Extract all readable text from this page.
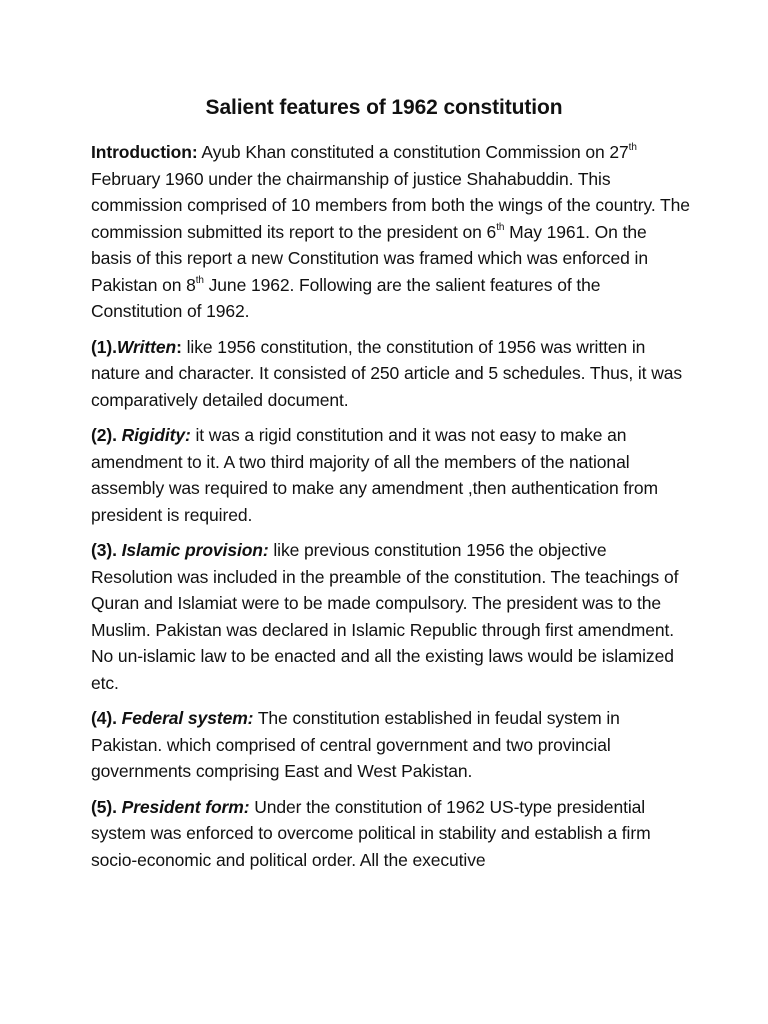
Salient features of 1962 constitution

Introduction: Ayub Khan constituted a constitution Commission on 27th February 1960 under the chairmanship of justice Shahabuddin. This commission comprised of 10 members from both the wings of the country. The commission submitted its report to the president on 6th May 1961. On the basis of this report a new Constitution was framed which was enforced in Pakistan on 8th June 1962. Following are the salient features of the Constitution of 1962.

(1).Written: like 1956 constitution, the constitution of 1956 was written in nature and character. It consisted of 250 article and 5 schedules. Thus, it was comparatively detailed document.

(2). Rigidity: it was a rigid constitution and it was not easy to make an amendment to it. A two third majority of all the members of the national assembly was required to make any amendment ,then authentication from president is required.

(3). Islamic provision: like previous constitution 1956 the objective Resolution was included in the preamble of the constitution. The teachings of Quran and Islamiat were to be made compulsory. The president was to the Muslim. Pakistan was declared in Islamic Republic through first amendment. No un-islamic law to be enacted and all the existing laws would be islamized etc.

(4). Federal system: The constitution established in feudal system in Pakistan. which comprised of central government and two provincial governments comprising East and West Pakistan.

(5). President form: Under the constitution of 1962 US-type presidential system was enforced to overcome political in stability and establish a firm socio-economic and political order. All the executive
